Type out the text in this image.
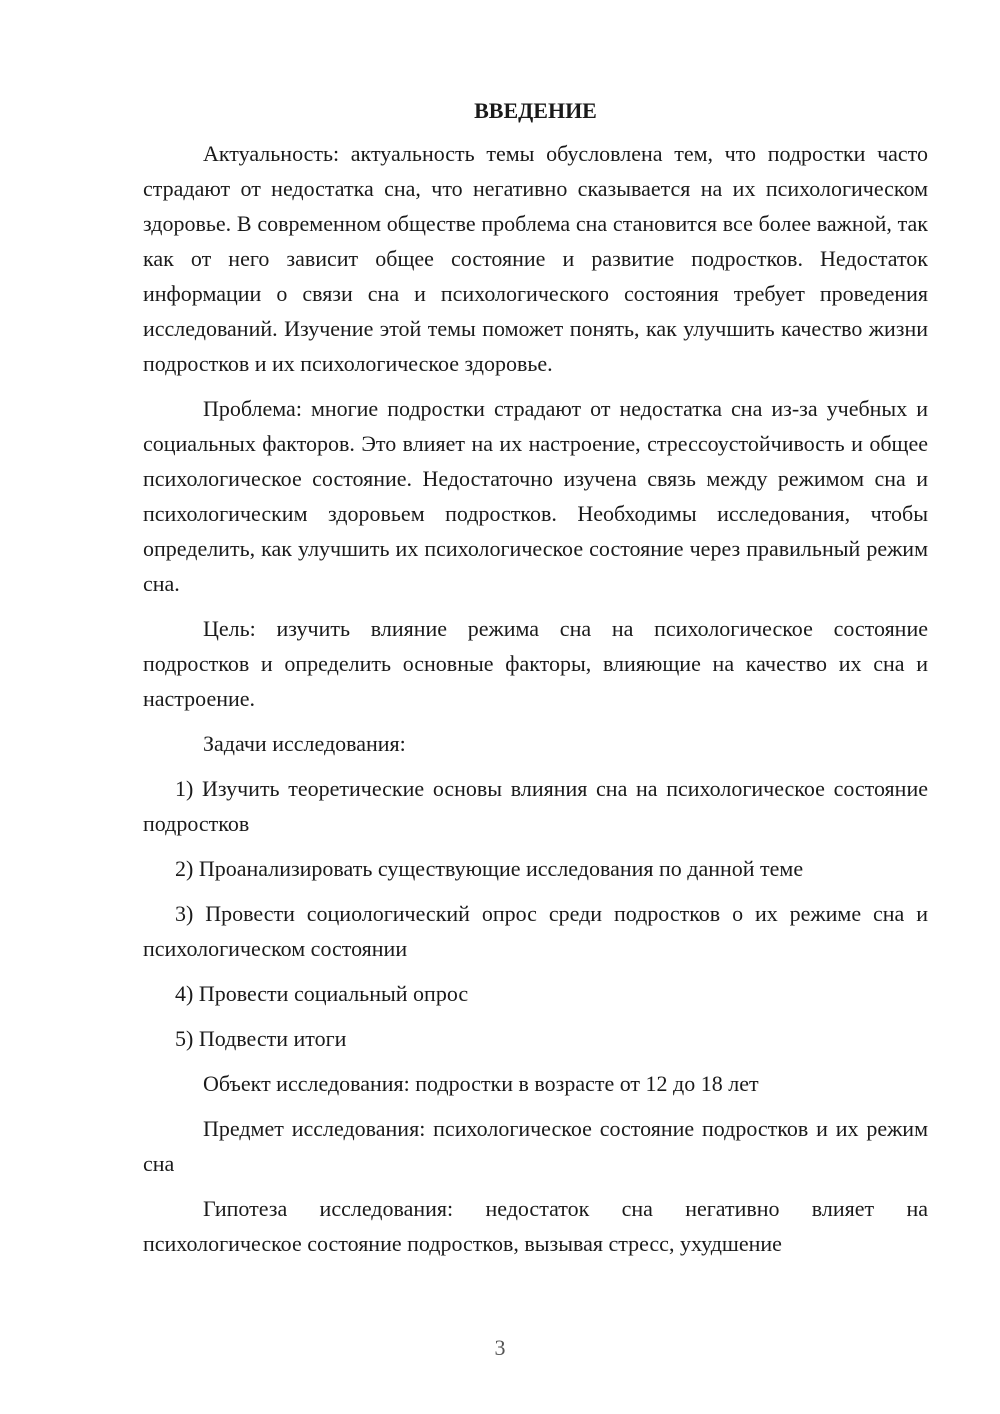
ВВЕДЕНИЕ

Актуальность: актуальность темы обусловлена тем, что подростки часто страдают от недостатка сна, что негативно сказывается на их психологическом здоровье. В современном обществе проблема сна становится все более важной, так как от него зависит общее состояние и развитие подростков. Недостаток информации о связи сна и психологического состояния требует проведения исследований. Изучение этой темы поможет понять, как улучшить качество жизни подростков и их психологическое здоровье.

Проблема: многие подростки страдают от недостатка сна из-за учебных и социальных факторов. Это влияет на их настроение, стрессоустойчивость и общее психологическое состояние. Недостаточно изучена связь между режимом сна и психологическим здоровьем подростков. Необходимы исследования, чтобы определить, как улучшить их психологическое состояние через правильный режим сна.

Цель: изучить влияние режима сна на психологическое состояние подростков и определить основные факторы, влияющие на качество их сна и настроение.

Задачи исследования:

1) Изучить теоретические основы влияния сна на психологическое состояние подростков

2) Проанализировать существующие исследования по данной теме

3) Провести социологический опрос среди подростков о их режиме сна и психологическом состоянии

4) Провести социальный опрос

5) Подвести итоги

Объект исследования: подростки в возрасте от 12 до 18 лет

Предмет исследования: психологическое состояние подростков и их режим сна

Гипотеза исследования: недостаток сна негативно влияет на психологическое состояние подростков, вызывая стресс, ухудшение

3
